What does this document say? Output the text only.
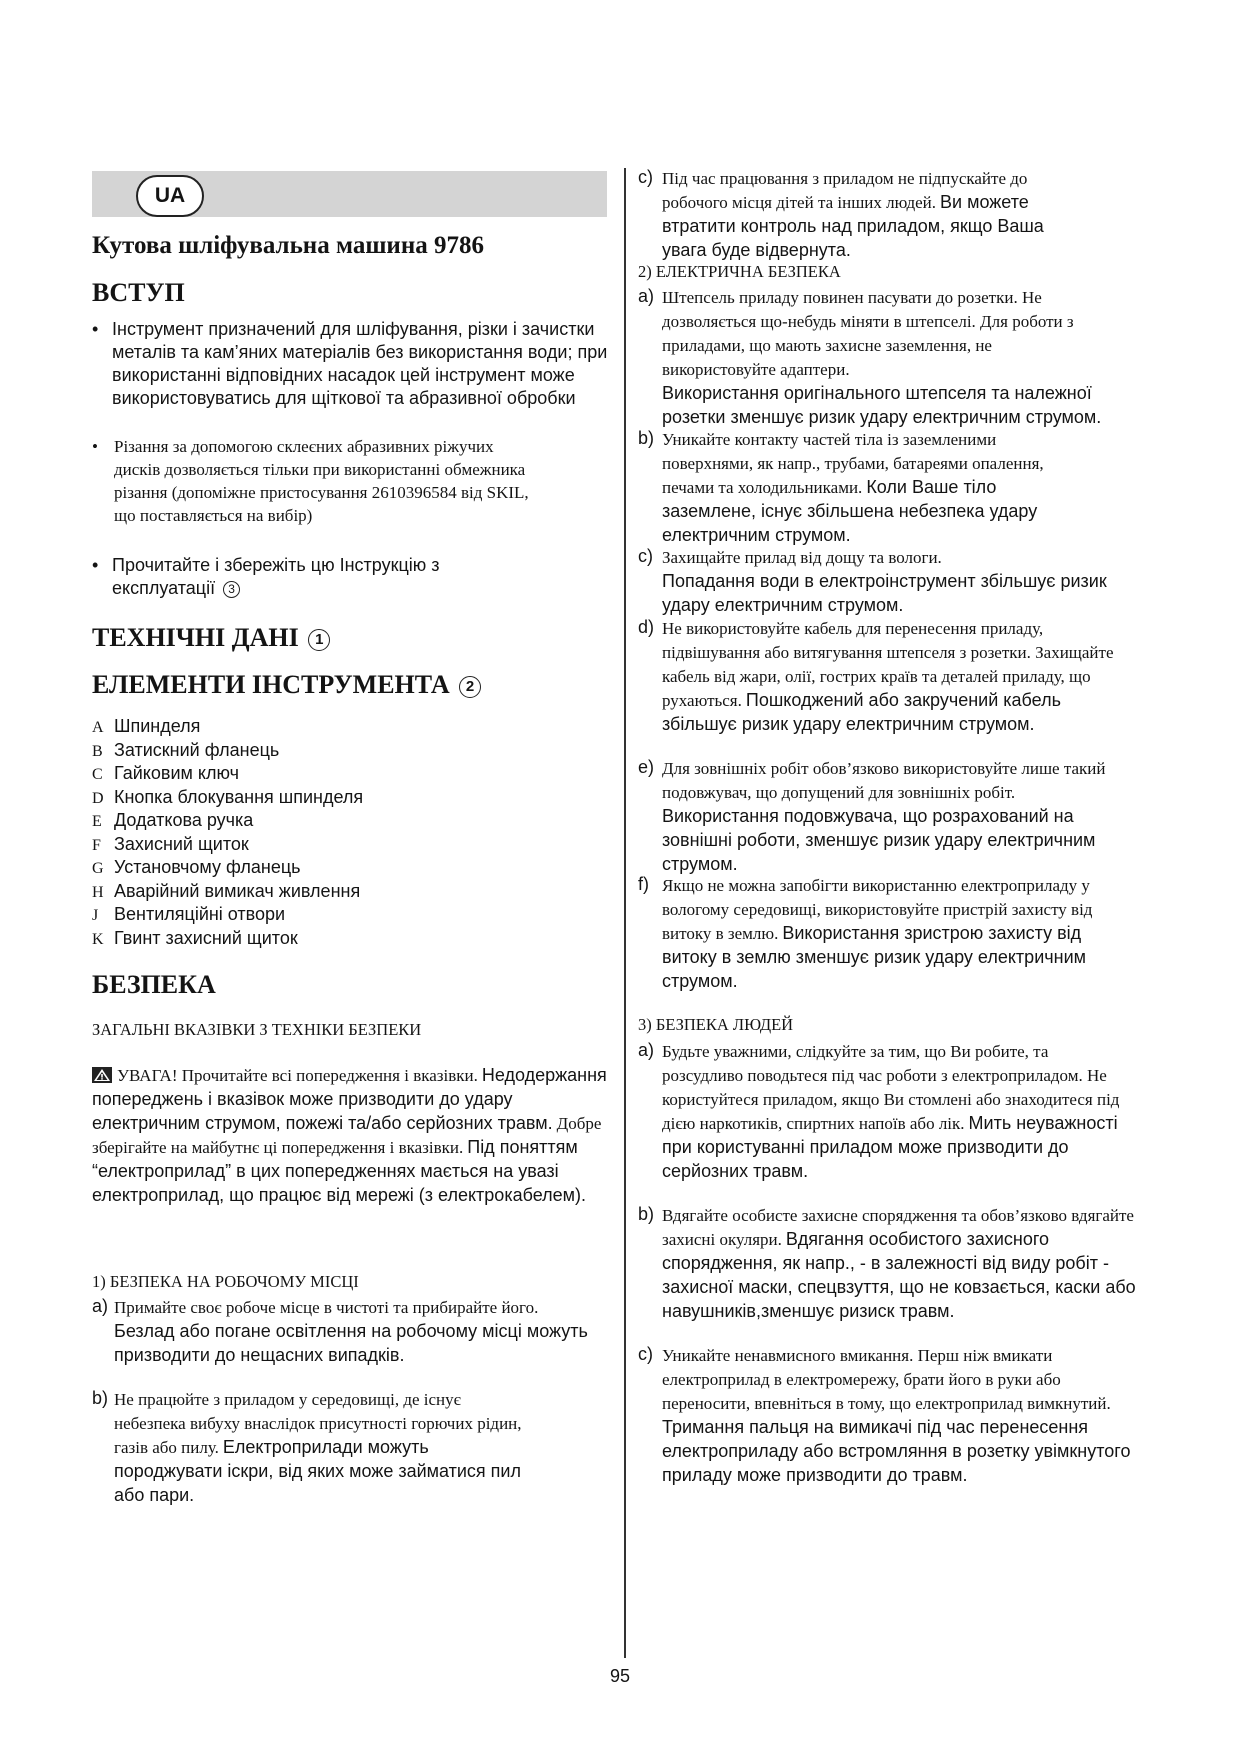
UA
Кутова шліфувальна машина 9786
ВСТУП
• Інструмент призначений для шліфування, різки і зачистки металів та кам’яних матеріалів без використання води; при використанні відповідних насадок цей інструмент може використовуватись для щіткової та абразивної обробки
• Різання за допомогою склеєних абразивних ріжучих дисків дозволяється тільки при використанні обмежника різання (допоміжне пристосування 2610396584 від SKIL, що поставляється на вибір)
• Прочитайте і збережіть цю Інструкцію з експлуатації 3
ТЕХНІЧНІ ДАНІ 1
ЕЛЕМЕНТИ ІНСТРУМЕНТА 2
A Шпинделя
B Затискний фланець
C Гайковим ключ
D Кнопка блокування шпинделя
E Додаткова ручка
F Захисний щиток
G Установчому фланець
H Аварійний вимикач живлення
J Вентиляційні отвори
K Гвинт захисний щиток
БЕЗПЕКА
ЗАГАЛЬНІ ВКАЗІВКИ З ТЕХНІКИ БЕЗПЕКИ
УВАГА! Прочитайте всі попередження і вказівки. Недодержання попереджень і вказівок може призводити до удару електричним струмом, пожежі та/або серйозних травм. Добре зберігайте на майбутнє ці попередження і вказівки. Під поняттям “електроприлад” в цих попередженнях мається на увазі електроприлад, що працює від мережі (з електрокабелем).
1) БЕЗПЕКА НА РОБОЧОМУ МІСЦІ
a) Примайте своє робоче місце в чистоті та прибирайте його. Безлад або погане освітлення на робочому місці можуть призводити до нещасних випадків.
b) Не працюйте з приладом у середовищі, де існує небезпека вибуху внаслідок присутності горючих рідин, газів або пилу. Електроприлади можуть породжувати іскри, від яких може займатися пил або пари.
c) Під час працювання з приладом не підпускайте до робочого місця дітей та інших людей. Ви можете втратити контроль над приладом, якщо Ваша увага буде відвернута.
2) ЕЛЕКТРИЧНА БЕЗПЕКА
a) Штепсель приладу повинен пасувати до розетки. Не дозволяється що-небудь міняти в штепселі. Для роботи з приладами, що мають захисне заземлення, не використовуйте адаптери.
Використання оригінального штепселя та належної розетки зменшує ризик удару електричним струмом.
b) Уникайте контакту частей тіла із заземленими поверхнями, як напр., трубами, батареями опалення, печами та холодильниками. Коли Ваше тіло заземлене, існує збільшена небезпека удару електричним струмом.
c) Захищайте прилад від дощу та вологи.
Попадання води в електроінструмент збільшує ризик удару електричним струмом.
d) Не використовуйте кабель для перенесення приладу, підвішування або витягування штепселя з розетки. Захищайте кабель від жари, олії, гострих країв та деталей приладу, що рухаються. Пошкоджений або закручений кабель збільшує ризик удару електричним струмом.
e) Для зовнішніх робіт обов’язково використовуйте лише такий подовжувач, що допущений для зовнішніх робіт. Використання подовжувача, що розрахований на зовнішні роботи, зменшує ризик удару електричним струмом.
f) Якщо не можна запобігти використанню електроприладу у вологому середовищі, використовуйте пристрій захисту від витоку в землю. Використання зристрою захисту від витоку в землю зменшує ризик удару електричним струмом.
3) БЕЗПЕКА ЛЮДЕЙ
a) Будьте уважними, слідкуйте за тим, що Ви робите, та розсудливо поводьтеся під час роботи з електроприладом. Не користуйтеся приладом, якщо Ви стомлені або знаходитеся під дією наркотиків, спиртних напоїв або лік. Мить неуважності при користуванні приладом може призводити до серйозних травм.
b) Вдягайте особисте захисне спорядження та обов’язково вдягайте захисні окуляри. Вдягання особистого захисного спорядження, як напр., - в залежності від виду робіт - захисної маски, спецвзуття, що не ковзається, каски або навушників,зменшує ризиск травм.
c) Уникайте ненавмисного вмикання. Перш ніж вмикати електроприлад в електромережу, брати його в руки або переносити, впевніться в тому, що електроприлад вимкнутий. Тримання пальця на вимикачі під час перенесення електроприладу або встромляння в розетку увімкнутого приладу може призводити до травм.
95
